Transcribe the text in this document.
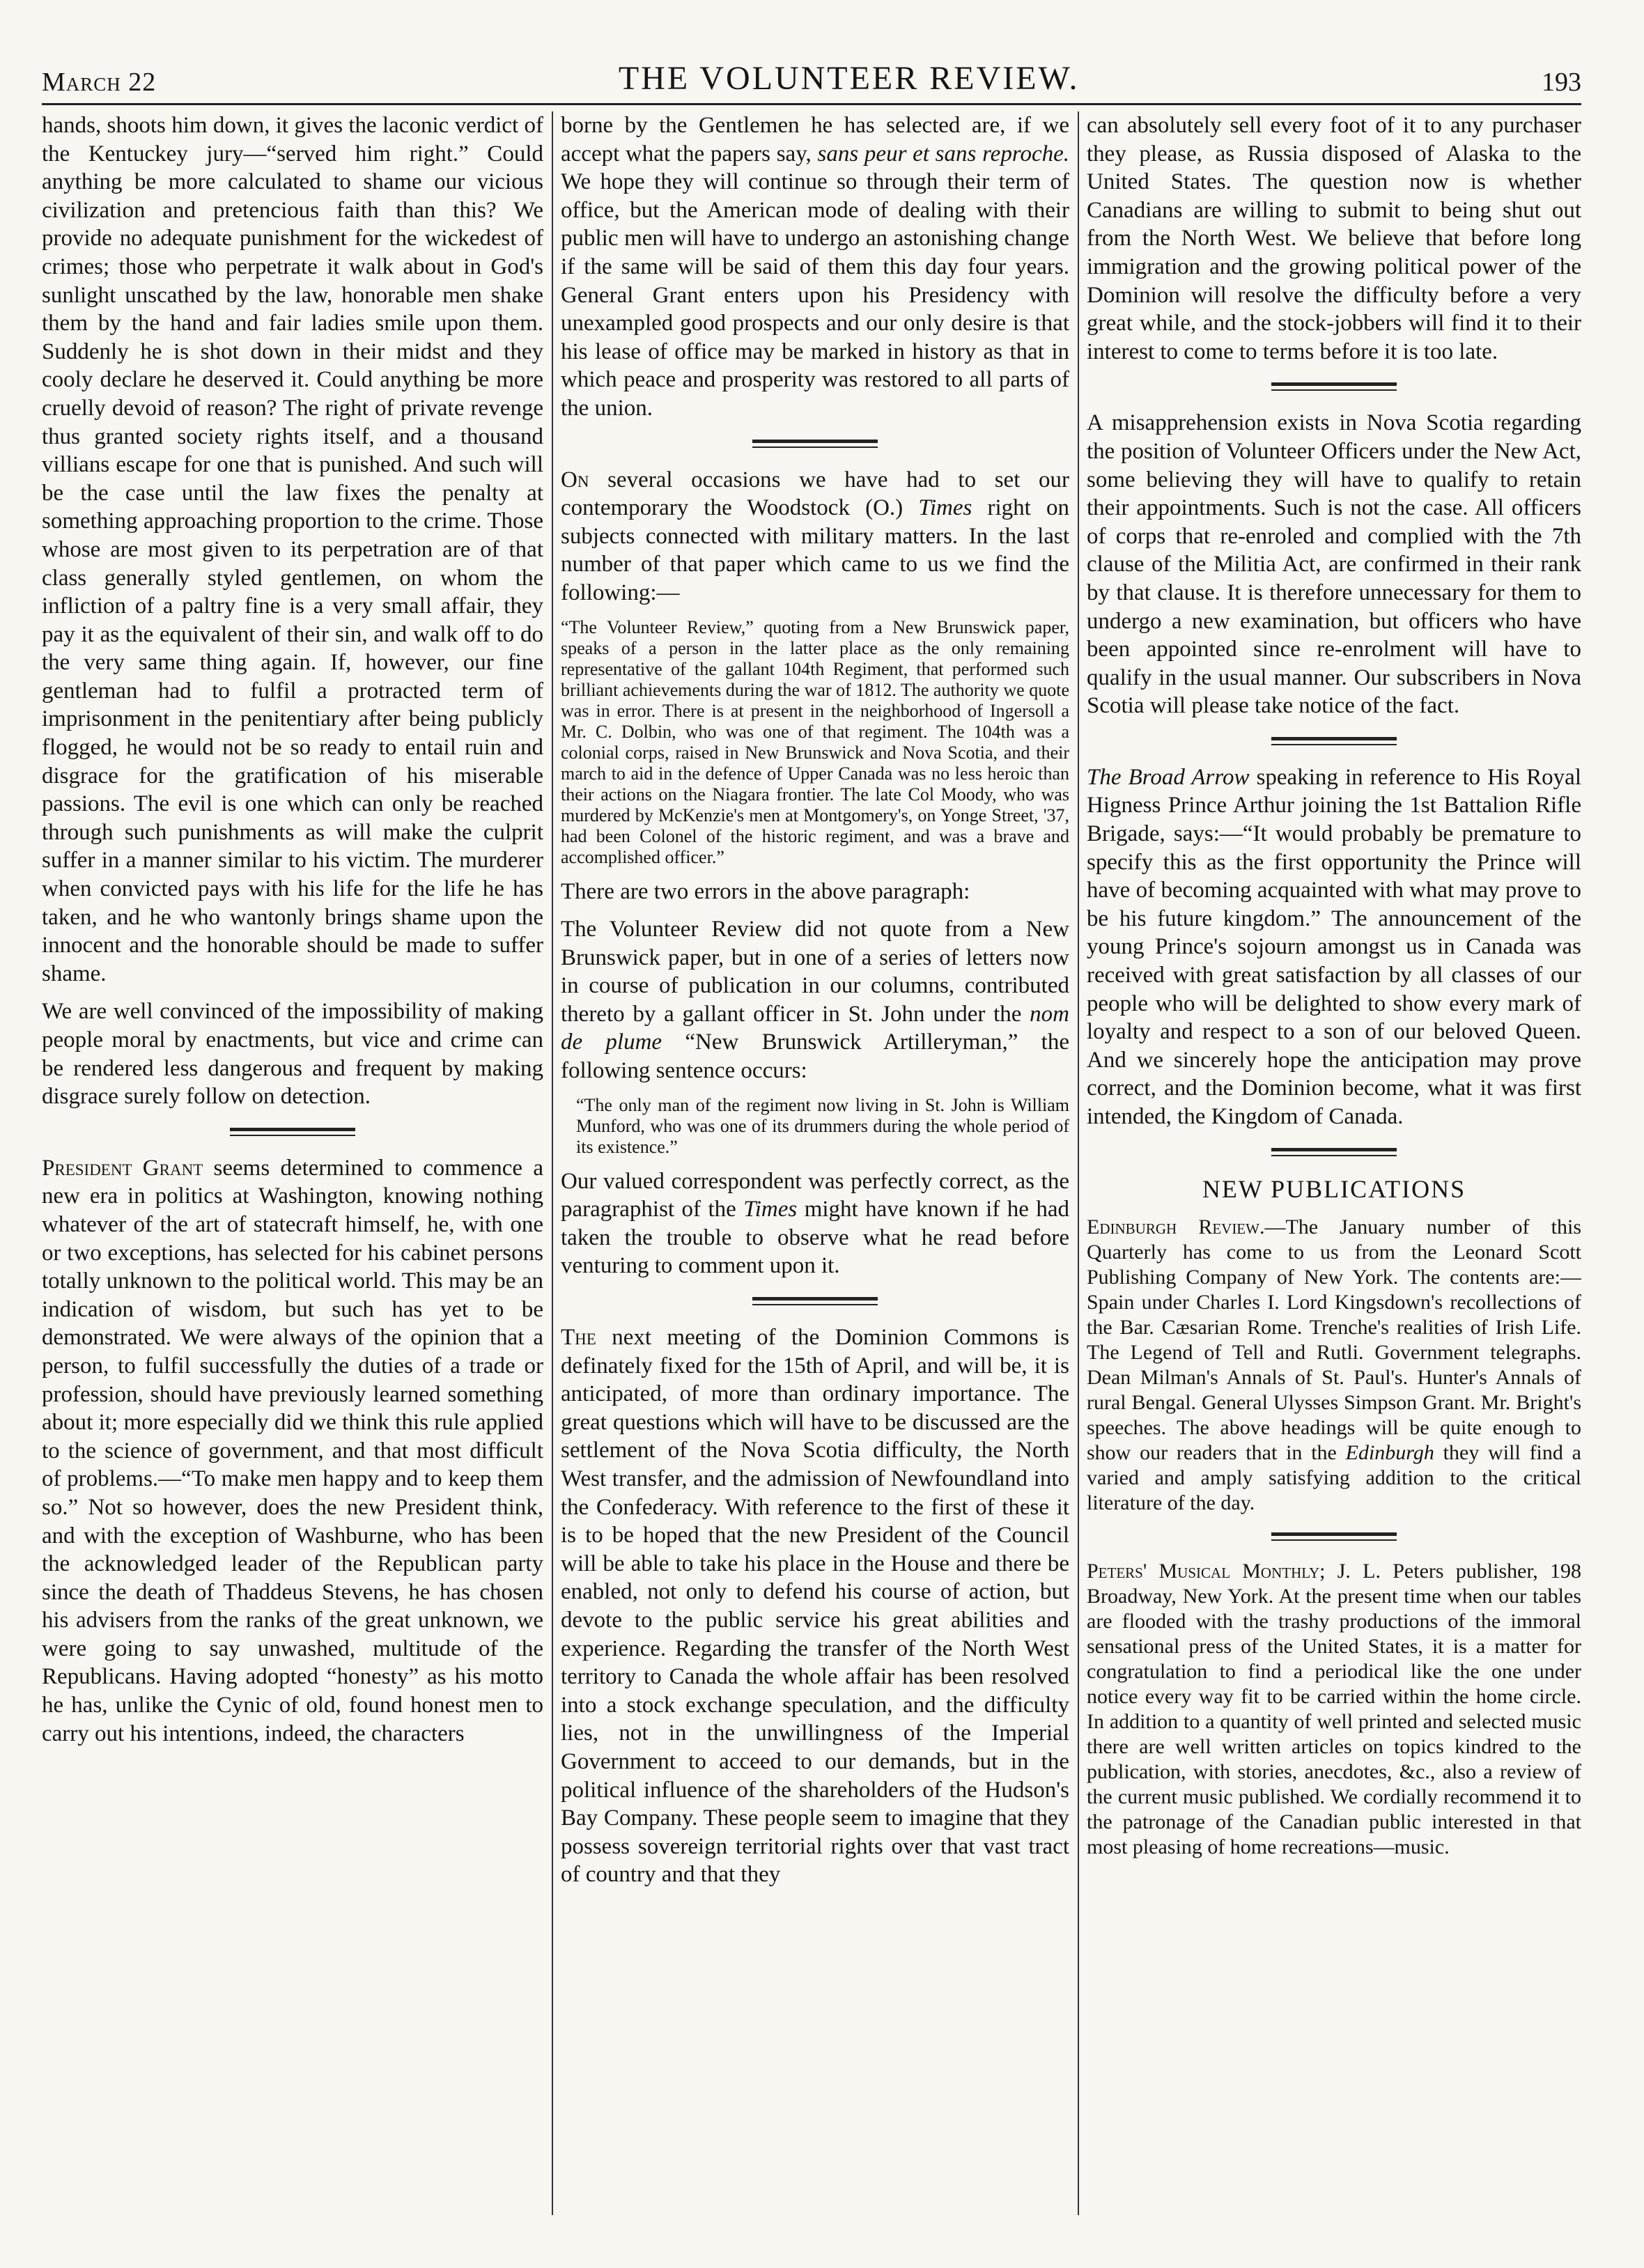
March 22	THE VOLUNTEER REVIEW.	193

hands, shoots him down, it gives the laconic verdict of the Kentuckey jury—“served him right.” Could anything be more calculated to shame our vicious civilization and pretencious faith than this? We provide no adequate punishment for the wickedest of crimes; those who perpetrate it walk about in God's sunlight unscathed by the law, honorable men shake them by the hand and fair ladies smile upon them. Suddenly he is shot down in their midst and they cooly declare he deserved it. Could anything be more cruelly devoid of reason? The right of private revenge thus granted society rights itself, and a thousand villians escape for one that is punished. And such will be the case until the law fixes the penalty at something approaching proportion to the crime. Those whose are most given to its perpetration are of that class generally styled gentlemen, on whom the infliction of a paltry fine is a very small affair, they pay it as the equivalent of their sin, and walk off to do the very same thing again. If, however, our fine gentleman had to fulfil a protracted term of imprisonment in the penitentiary after being publicly flogged, he would not be so ready to entail ruin and disgrace for the gratification of his miserable passions. The evil is one which can only be reached through such punishments as will make the culprit suffer in a manner similar to his victim. The murderer when convicted pays with his life for the life he has taken, and he who wantonly brings shame upon the innocent and the honorable should be made to suffer shame.

We are well convinced of the impossibility of making people moral by enactments, but vice and crime can be rendered less dangerous and frequent by making disgrace surely follow on detection.

President Grant seems determined to commence a new era in politics at Washington, knowing nothing whatever of the art of statecraft himself, he, with one or two exceptions, has selected for his cabinet persons totally unknown to the political world. This may be an indication of wisdom, but such has yet to be demonstrated. We were always of the opinion that a person, to fulfil successfully the duties of a trade or profession, should have previously learned something about it; more especially did we think this rule applied to the science of government, and that most difficult of problems.—“To make men happy and to keep them so.” Not so however, does the new President think, and with the exception of Washburne, who has been the acknowledged leader of the Republican party since the death of Thaddeus Stevens, he has chosen his advisers from the ranks of the great unknown, we were going to say unwashed, multitude of the Republicans. Having adopted “honesty” as his motto he has, unlike the Cynic of old, found honest men to carry out his intentions, indeed, the characters

borne by the Gentlemen he has selected are, if we accept what the papers say, sans peur et sans reproche. We hope they will continue so through their term of office, but the American mode of dealing with their public men will have to undergo an astonishing change if the same will be said of them this day four years. General Grant enters upon his Presidency with unexampled good prospects and our only desire is that his lease of office may be marked in history as that in which peace and prosperity was restored to all parts of the union.

On several occasions we have had to set our contemporary the Woodstock (O.) Times right on subjects connected with military matters. In the last number of that paper which came to us we find the following:—

“The Volunteer Review,” quoting from a New Brunswick paper, speaks of a person in the latter place as the only remaining representative of the gallant 104th Regiment, that performed such brilliant achievements during the war of 1812. The authority we quote was in error. There is at present in the neighborhood of Ingersoll a Mr. C. Dolbin, who was one of that regiment. The 104th was a colonial corps, raised in New Brunswick and Nova Scotia, and their march to aid in the defence of Upper Canada was no less heroic than their actions on the Niagara frontier. The late Col Moody, who was murdered by McKenzie's men at Montgomery's, on Yonge Street, '37, had been Colonel of the historic regiment, and was a brave and accomplished officer.”

There are two errors in the above paragraph:

The Volunteer Review did not quote from a New Brunswick paper, but in one of a series of letters now in course of publication in our columns, contributed thereto by a gallant officer in St. John under the nom de plume “New Brunswick Artilleryman,” the following sentence occurs:

“The only man of the regiment now living in St. John is William Munford, who was one of its drummers during the whole period of its existence.”

Our valued correspondent was perfectly correct, as the paragraphist of the Times might have known if he had taken the trouble to observe what he read before venturing to comment upon it.

The next meeting of the Dominion Commons is definately fixed for the 15th of April, and will be, it is anticipated, of more than ordinary importance. The great questions which will have to be discussed are the settlement of the Nova Scotia difficulty, the North West transfer, and the admission of Newfoundland into the Confederacy. With reference to the first of these it is to be hoped that the new President of the Council will be able to take his place in the House and there be enabled, not only to defend his course of action, but devote to the public service his great abilities and experience. Regarding the transfer of the North West territory to Canada the whole affair has been resolved into a stock exchange speculation, and the difficulty lies, not in the unwillingness of the Imperial Government to acceed to our demands, but in the political influence of the shareholders of the Hudson's Bay Company. These people seem to imagine that they possess sovereign territorial rights over that vast tract of country and that they

can absolutely sell every foot of it to any purchaser they please, as Russia disposed of Alaska to the United States. The question now is whether Canadians are willing to submit to being shut out from the North West. We believe that before long immigration and the growing political power of the Dominion will resolve the difficulty before a very great while, and the stock-jobbers will find it to their interest to come to terms before it is too late.

A misapprehension exists in Nova Scotia regarding the position of Volunteer Officers under the New Act, some believing they will have to qualify to retain their appointments. Such is not the case. All officers of corps that re-enroled and complied with the 7th clause of the Militia Act, are confirmed in their rank by that clause. It is therefore unnecessary for them to undergo a new examination, but officers who have been appointed since re-enrolment will have to qualify in the usual manner. Our subscribers in Nova Scotia will please take notice of the fact.

The Broad Arrow speaking in reference to His Royal Higness Prince Arthur joining the 1st Battalion Rifle Brigade, says:—“It would probably be premature to specify this as the first opportunity the Prince will have of becoming acquainted with what may prove to be his future kingdom.” The announcement of the young Prince's sojourn amongst us in Canada was received with great satisfaction by all classes of our people who will be delighted to show every mark of loyalty and respect to a son of our beloved Queen. And we sincerely hope the anticipation may prove correct, and the Dominion become, what it was first intended, the Kingdom of Canada.

NEW PUBLICATIONS

Edinburgh Review.—The January number of this Quarterly has come to us from the Leonard Scott Publishing Company of New York. The contents are:—Spain under Charles I. Lord Kingsdown's recollections of the Bar. Cæsarian Rome. Trenche's realities of Irish Life. The Legend of Tell and Rutli. Government telegraphs. Dean Milman's Annals of St. Paul's. Hunter's Annals of rural Bengal. General Ulysses Simpson Grant. Mr. Bright's speeches. The above headings will be quite enough to show our readers that in the Edinburgh they will find a varied and amply satisfying addition to the critical literature of the day.

Peters' Musical Monthly; J. L. Peters publisher, 198 Broadway, New York. At the present time when our tables are flooded with the trashy productions of the immoral sensational press of the United States, it is a matter for congratulation to find a periodical like the one under notice every way fit to be carried within the home circle. In addition to a quantity of well printed and selected music there are well written articles on topics kindred to the publication, with stories, anecdotes, &c., also a review of the current music published. We cordially recommend it to the patronage of the Canadian public interested in that most pleasing of home recreations—music.
